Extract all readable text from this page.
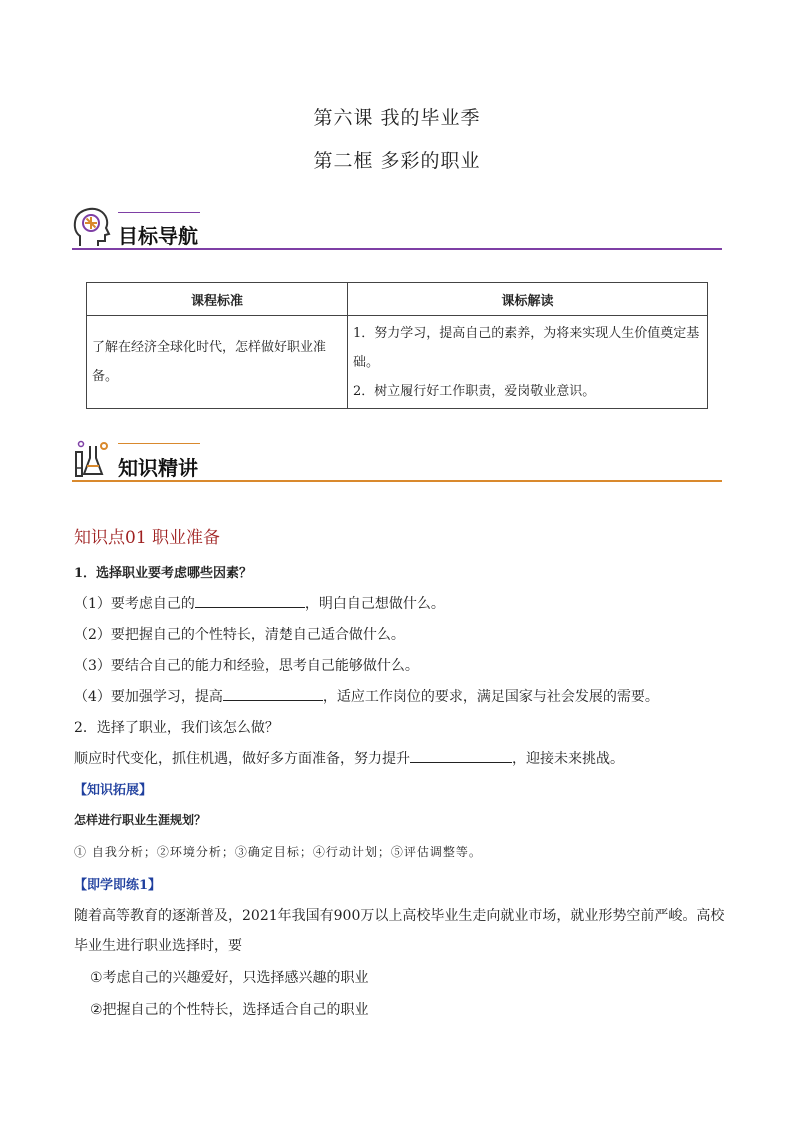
第六课 我的毕业季
第二框 多彩的职业
目标导航
课程标准	课标解读
了解在经济全球化时代，怎样做好职业准备。	1．努力学习，提高自己的素养，为将来实现人生价值奠定基础。
2．树立履行好工作职责，爱岗敬业意识。
知识精讲
知识点01 职业准备
1．选择职业要考虑哪些因素？
（1）要考虑自己的	，明白自己想做什么。
（2）要把握自己的个性特长，清楚自己适合做什么。
（3）要结合自己的能力和经验，思考自己能够做什么。
（4）要加强学习，提高	，适应工作岗位的要求，满足国家与社会发展的需要。
2．选择了职业，我们该怎么做？
顺应时代变化，抓住机遇，做好多方面准备，努力提升	，迎接未来挑战。
【知识拓展】
怎样进行职业生涯规划？
① 自我分析；②环境分析；③确定目标；④行动计划；⑤评估调整等。
【即学即练1】
随着高等教育的逐渐普及，2021年我国有900万以上高校毕业生走向就业市场，就业形势空前严峻。高校
毕业生进行职业选择时，要
①考虑自己的兴趣爱好，只选择感兴趣的职业
②把握自己的个性特长，选择适合自己的职业
